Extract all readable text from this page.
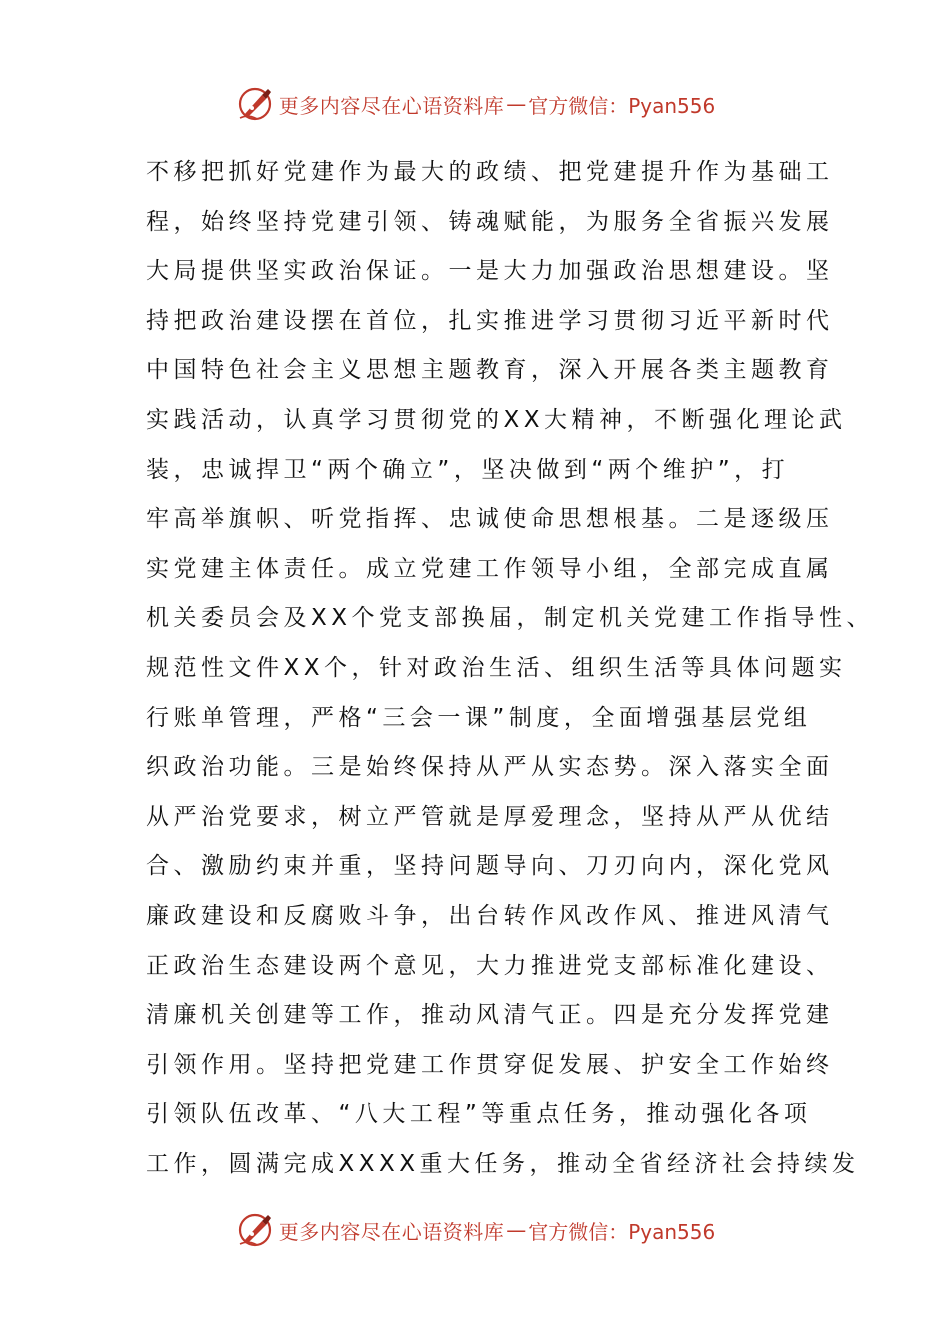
更多内容尽在心语资料库 — 官方微信：Pyan556
不移把抓好党建作为最大的政绩、把党建提升作为基础工
程，始终坚持党建引领、铸魂赋能，为服务全省振兴发展
大局提供坚实政治保证。一是大力加强政治思想建设。坚
持把政治建设摆在首位，扎实推进学习贯彻习近平新时代
中国特色社会主义思想主题教育，深入开展各类主题教育
实践活动，认真学习贯彻党的XX大精神，不断强化理论武
装，忠诚捍卫“两个确立”，坚决做到“两个维护”，打
牢高举旗帜、听党指挥、忠诚使命思想根基。二是逐级压
实党建主体责任。成立党建工作领导小组，全部完成直属
机关委员会及XX个党支部换届，制定机关党建工作指导性、
规范性文件XX个，针对政治生活、组织生活等具体问题实
行账单管理，严格“三会一课”制度，全面增强基层党组
织政治功能。三是始终保持从严从实态势。深入落实全面
从严治党要求，树立严管就是厚爱理念，坚持从严从优结
合、激励约束并重，坚持问题导向、刀刃向内，深化党风
廉政建设和反腐败斗争，出台转作风改作风、推进风清气
正政治生态建设两个意见，大力推进党支部标准化建设、
清廉机关创建等工作，推动风清气正。四是充分发挥党建
引领作用。坚持把党建工作贯穿促发展、护安全工作始终
引领队伍改革、“八大工程”等重点任务，推动强化各项
工作，圆满完成XXXX重大任务，推动全省经济社会持续发
更多内容尽在心语资料库 — 官方微信：Pyan556
